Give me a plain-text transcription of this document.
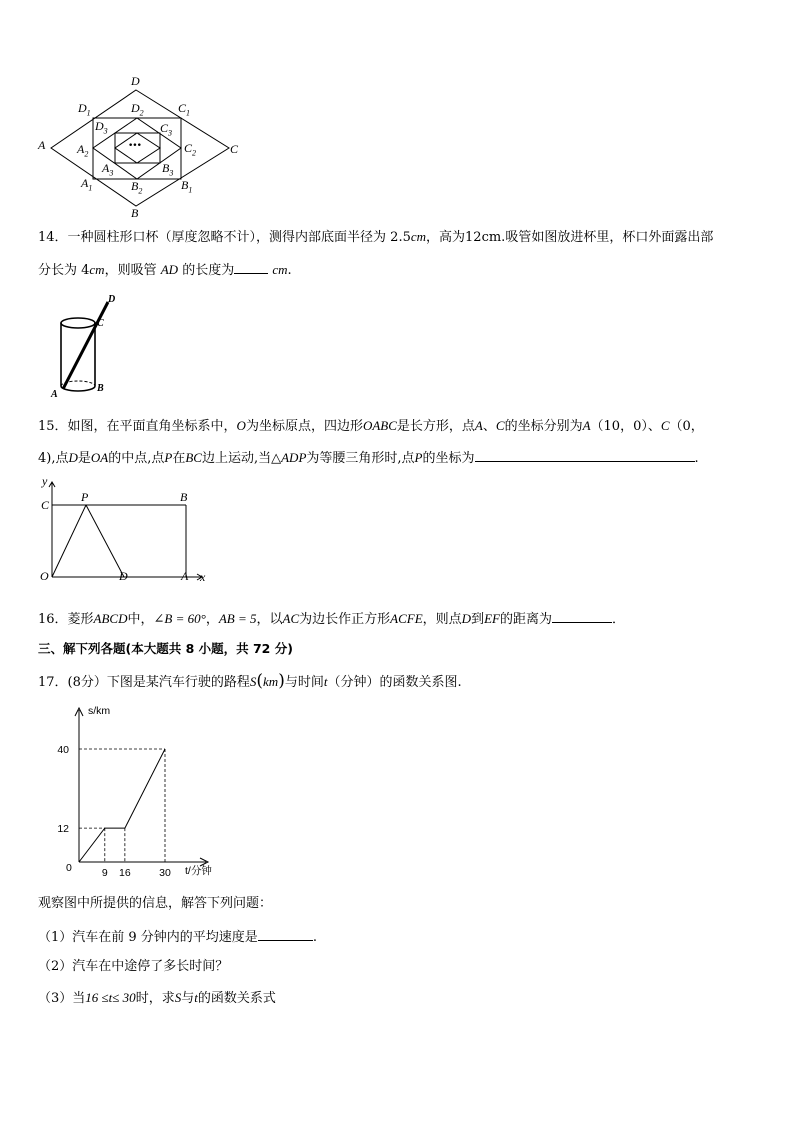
D
$D_1$	$D_2$	$C_1$
A	C
$D_3$	$C_3$
$A_2$	$C_2$
$A_3$	$B_3$
$A_1$	$B_2$	$B_1$
B
•••
14．一种圆柱形口杯（厚度忽略不计），测得内部底面半径为 2.5cm，高为12cm.吸管如图放进杯里，杯口外面露出部
分长为 4cm，则吸管 AD 的长度为	cm.
D
C
A
B
15．如图，在平面直角坐标系中，O为坐标原点，四边形OABC是长方形，点A、C的坐标分别为A（10，0）、C（0，
4),点D是OA的中点,点P在BC边上运动,当△ADP为等腰三角形时,点P的坐标为	.
y
P	B
C
O	D	A x
16．菱形ABCD中，∠B = 60°，AB = 5，以AC为边长作正方形ACFE，则点D到EF的距离为	．
三、解下列各题(本大题共 8 小题，共 72 分)
17．(8分）下图是某汽车行驶的路程S(km)与时间t（分钟）的函数关系图.
9 16	30
12
40
s/km
t/分钟
0
观察图中所提供的信息，解答下列问题：
（1）汽车在前 9 分钟内的平均速度是	.
（2）汽车在中途停了多长时间？
（3）当16 ≤t≤ 30时，求S与t的函数关系式
